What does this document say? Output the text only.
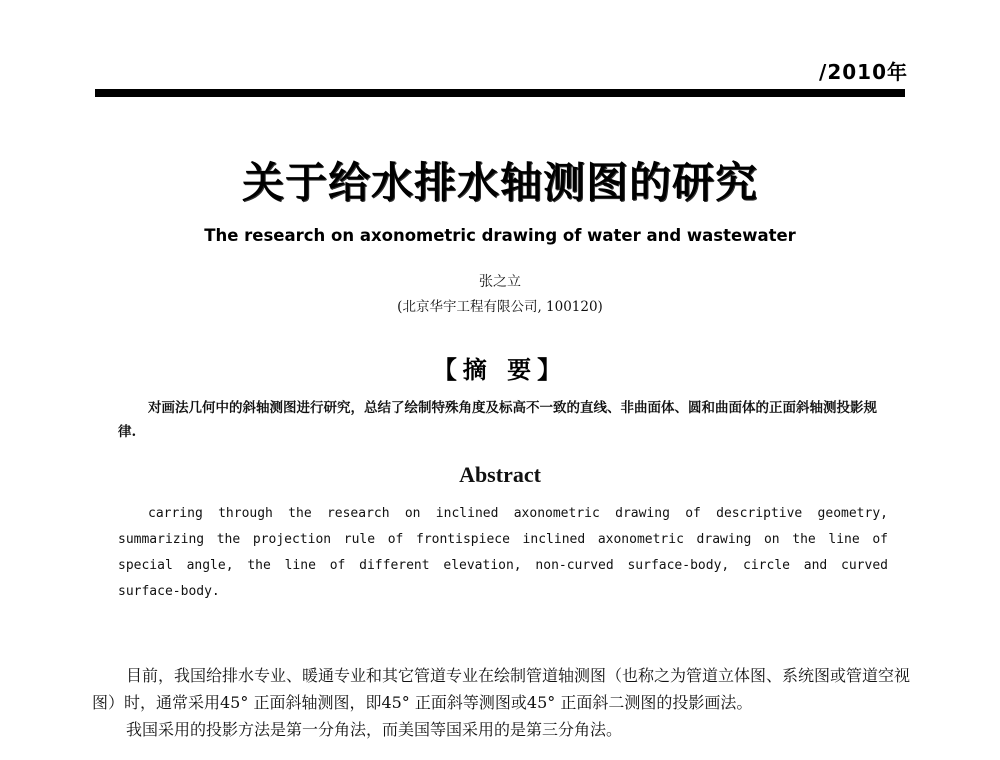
/2010年
关于给水排水轴测图的研究
The research on axonometric drawing of water and wastewater
张之立
(北京华宇工程有限公司, 100120)
【摘 要】
对画法几何中的斜轴测图进行研究，总结了绘制特殊角度及标高不一致的直线、非曲面体、圆和曲面体的正面斜轴测投影规律.
Abstract
carring through the research on inclined axonometric drawing of descriptive geometry, summarizing the projection rule of frontispiece inclined axonometric drawing on the line of special angle, the line of different elevation, non-curved surface-body, circle and curved surface-body.

目前，我国给排水专业、暖通专业和其它管道专业在绘制管道轴测图（也称之为管道立体图、系统图或管道空视图）时，通常采用45° 正面斜轴测图，即45° 正面斜等测图或45° 正面斜二测图的投影画法。

我国采用的投影方法是第一分角法，而美国等国采用的是第三分角法。
